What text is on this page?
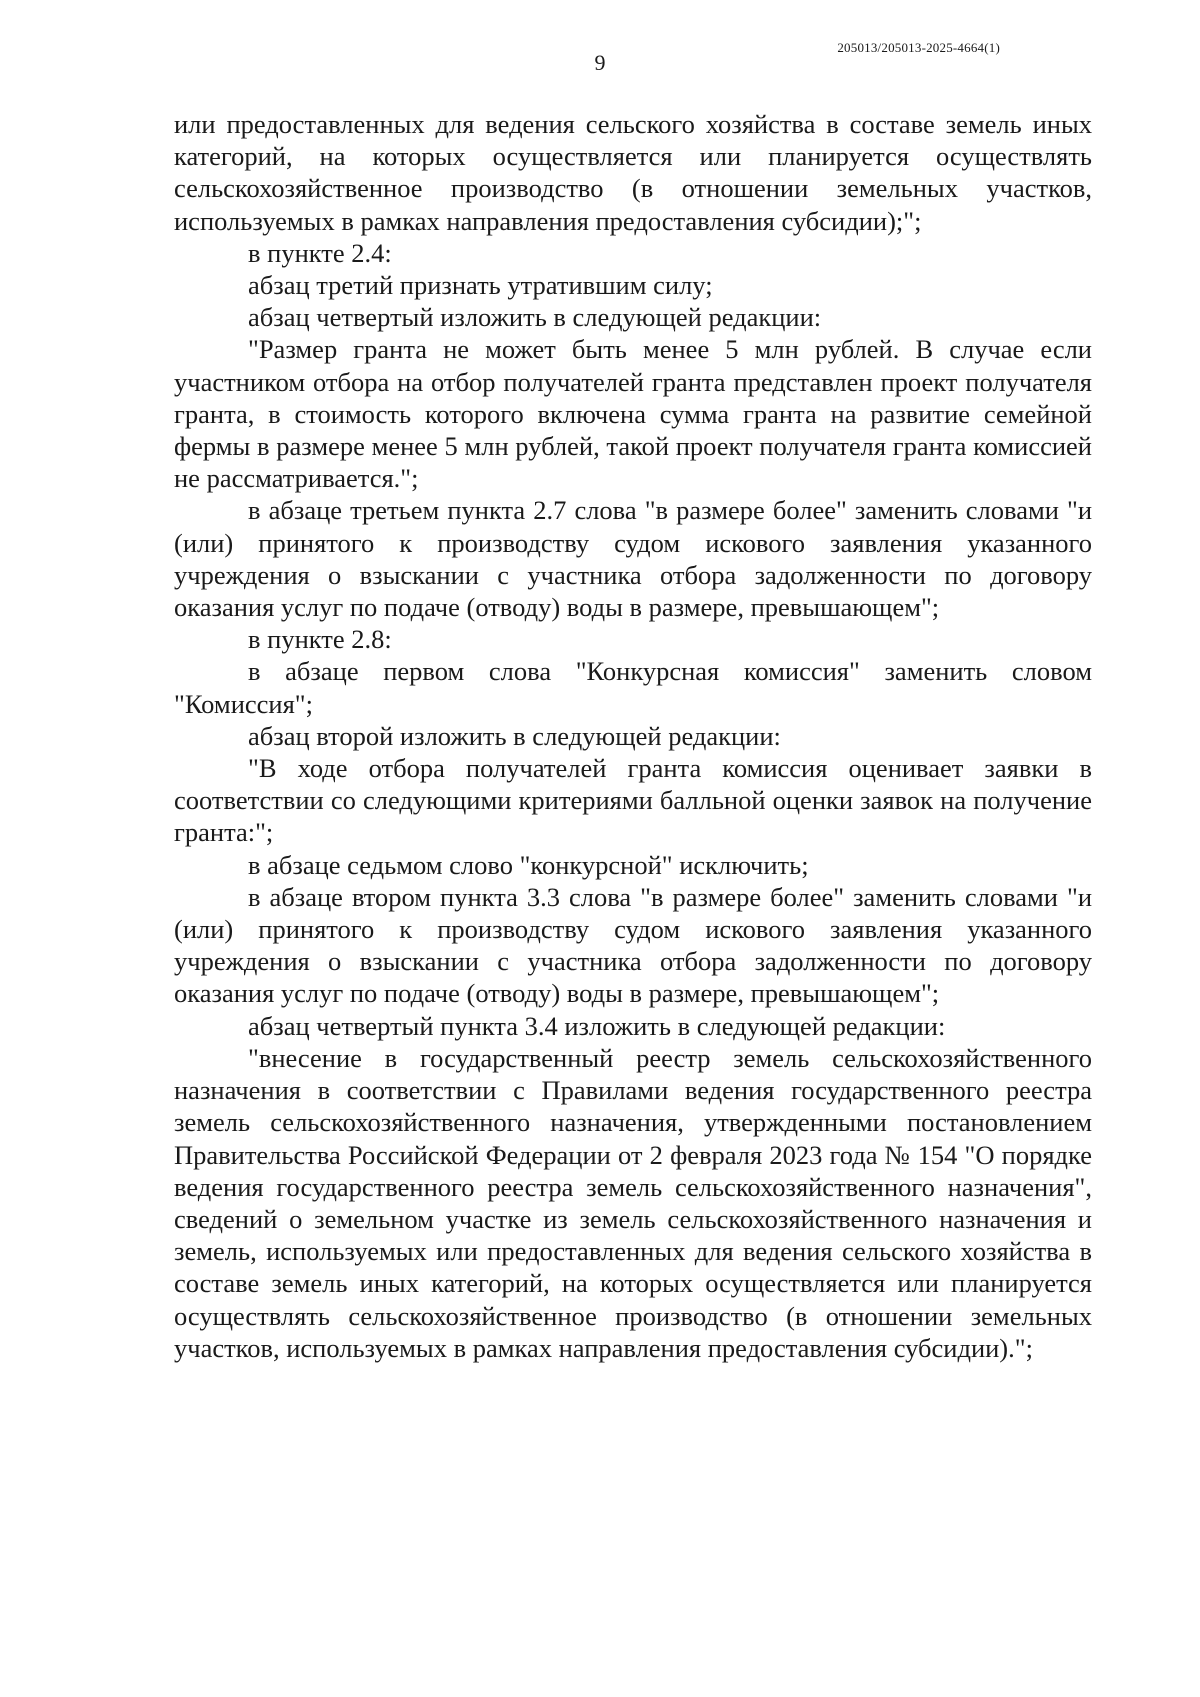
205013/205013-2025-4664(1)
9

или предоставленных для ведения сельского хозяйства в составе земель иных категорий, на которых осуществляется или планируется осуществлять сельскохозяйственное производство (в отношении земельных участков, используемых в рамках направления предоставления субсидии);";

в пункте 2.4:

абзац третий признать утратившим силу;

абзац четвертый изложить в следующей редакции:

"Размер гранта не может быть менее 5 млн рублей. В случае если участником отбора на отбор получателей гранта представлен проект получателя гранта, в стоимость которого включена сумма гранта на развитие семейной фермы в размере менее 5 млн рублей, такой проект получателя гранта комиссией не рассматривается.";

в абзаце третьем пункта 2.7 слова "в размере более" заменить словами "и (или) принятого к производству судом искового заявления указанного учреждения о взыскании с участника отбора задолженности по договору оказания услуг по подаче (отводу) воды в размере, превышающем";

в пункте 2.8:

в абзаце первом слова "Конкурсная комиссия" заменить словом "Комиссия";

абзац второй изложить в следующей редакции:

"В ходе отбора получателей гранта комиссия оценивает заявки в соответствии со следующими критериями балльной оценки заявок на получение гранта:";

в абзаце седьмом слово "конкурсной" исключить;

в абзаце втором пункта 3.3 слова "в размере более" заменить словами "и (или) принятого к производству судом искового заявления указанного учреждения о взыскании с участника отбора задолженности по договору оказания услуг по подаче (отводу) воды в размере, превышающем";

абзац четвертый пункта 3.4 изложить в следующей редакции:

"внесение в государственный реестр земель сельскохозяйственного назначения в соответствии с Правилами ведения государственного реестра земель сельскохозяйственного назначения, утвержденными постановлением Правительства Российской Федерации от 2 февраля 2023 года № 154 "О порядке ведения государственного реестра земель сельскохозяйственного назначения", сведений о земельном участке из земель сельскохозяйственного назначения и земель, используемых или предоставленных для ведения сельского хозяйства в составе земель иных категорий, на которых осуществляется или планируется осуществлять сельскохозяйственное производство (в отношении земельных участков, используемых в рамках направления предоставления субсидии).";
